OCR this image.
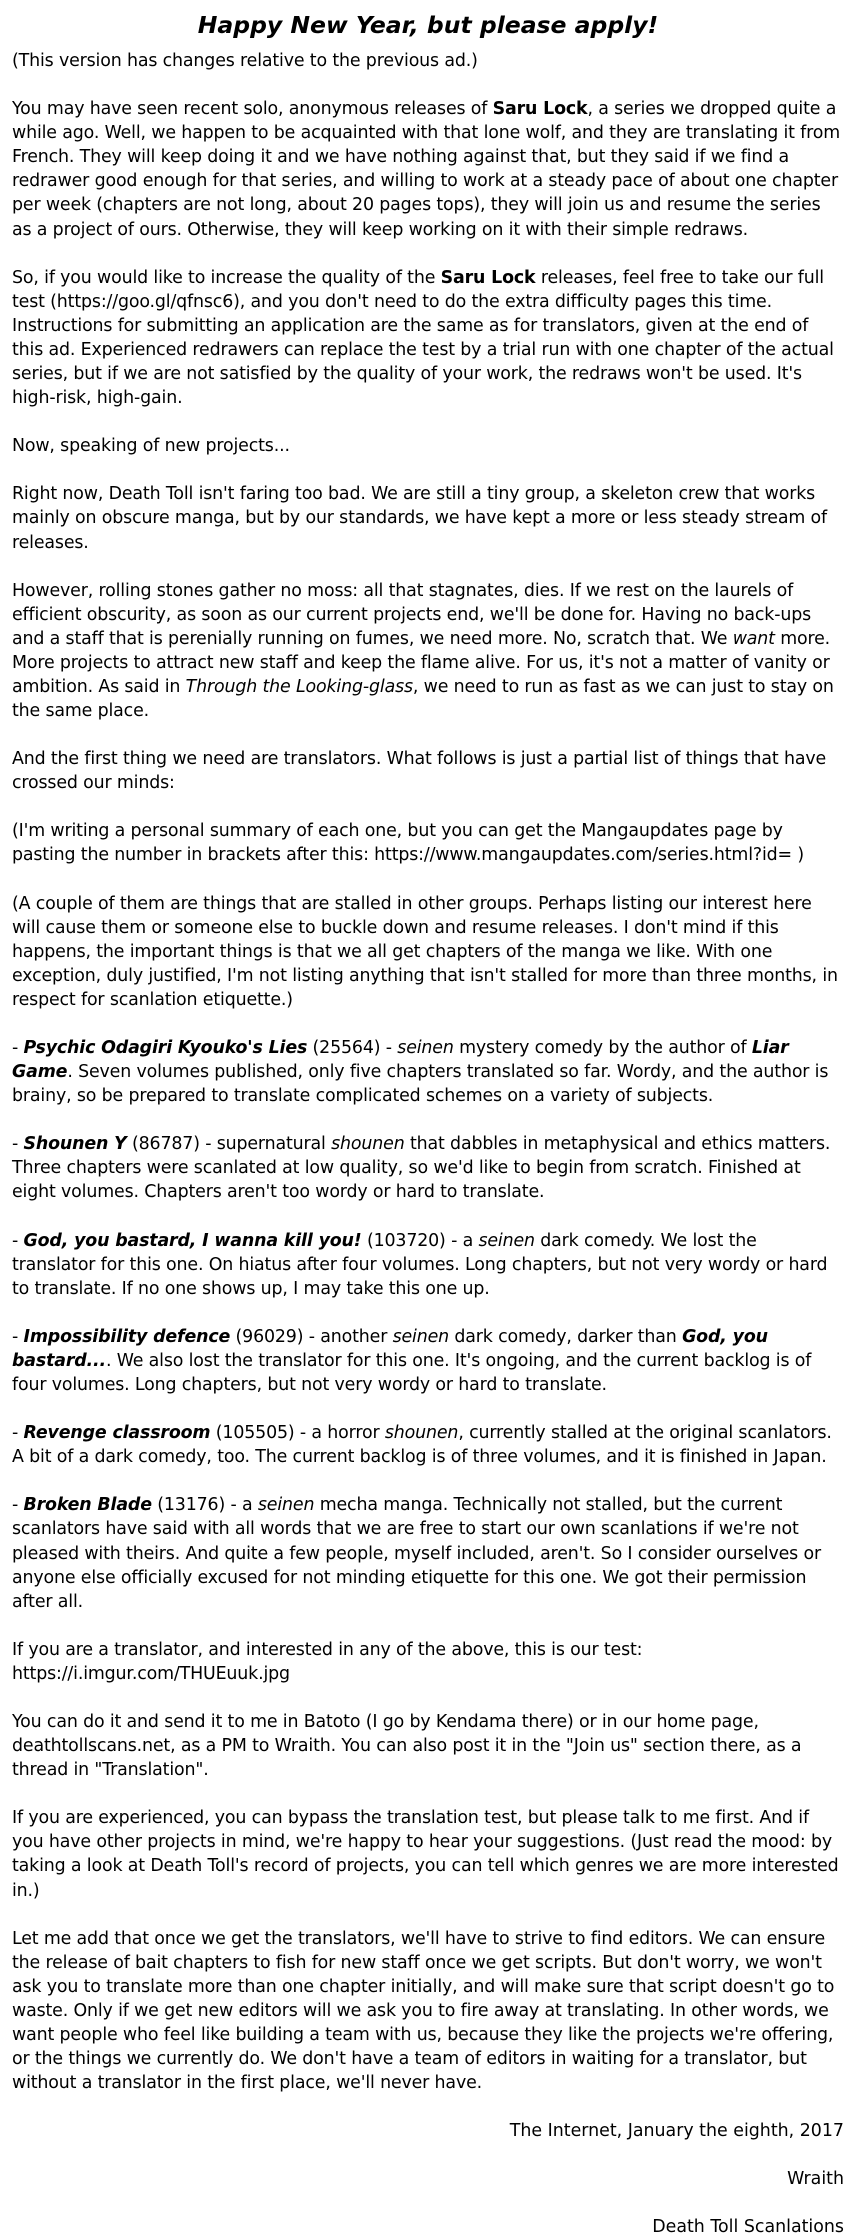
Happy New Year, but please apply!

(This version has changes relative to the previous ad.)

You may have seen recent solo, anonymous releases of Saru Lock, a series we dropped quite a while ago. Well, we happen to be acquainted with that lone wolf, and they are translating it from French. They will keep doing it and we have nothing against that, but they said if we find a redrawer good enough for that series, and willing to work at a steady pace of about one chapter per week (chapters are not long, about 20 pages tops), they will join us and resume the series as a project of ours. Otherwise, they will keep working on it with their simple redraws.

So, if you would like to increase the quality of the Saru Lock releases, feel free to take our full test (https://goo.gl/qfnsc6), and you don't need to do the extra difficulty pages this time. Instructions for submitting an application are the same as for translators, given at the end of this ad. Experienced redrawers can replace the test by a trial run with one chapter of the actual series, but if we are not satisfied by the quality of your work, the redraws won't be used. It's high-risk, high-gain.

Now, speaking of new projects...

Right now, Death Toll isn't faring too bad. We are still a tiny group, a skeleton crew that works mainly on obscure manga, but by our standards, we have kept a more or less steady stream of releases.

However, rolling stones gather no moss: all that stagnates, dies. If we rest on the laurels of efficient obscurity, as soon as our current projects end, we'll be done for. Having no back-ups and a staff that is perenially running on fumes, we need more. No, scratch that. We want more. More projects to attract new staff and keep the flame alive. For us, it's not a matter of vanity or ambition. As said in Through the Looking-glass, we need to run as fast as we can just to stay on the same place.

And the first thing we need are translators. What follows is just a partial list of things that have crossed our minds:

(I'm writing a personal summary of each one, but you can get the Mangaupdates page by pasting the number in brackets after this: https://www.mangaupdates.com/series.html?id= )

(A couple of them are things that are stalled in other groups. Perhaps listing our interest here will cause them or someone else to buckle down and resume releases. I don't mind if this happens, the important things is that we all get chapters of the manga we like. With one exception, duly justified, I'm not listing anything that isn't stalled for more than three months, in respect for scanlation etiquette.)

- Psychic Odagiri Kyouko's Lies (25564) - seinen mystery comedy by the author of Liar Game. Seven volumes published, only five chapters translated so far. Wordy, and the author is brainy, so be prepared to translate complicated schemes on a variety of subjects.

- Shounen Y (86787) - supernatural shounen that dabbles in metaphysical and ethics matters. Three chapters were scanlated at low quality, so we'd like to begin from scratch. Finished at eight volumes. Chapters aren't too wordy or hard to translate.

- God, you bastard, I wanna kill you! (103720) - a seinen dark comedy. We lost the translator for this one. On hiatus after four volumes. Long chapters, but not very wordy or hard to translate. If no one shows up, I may take this one up.

- Impossibility defence (96029) - another seinen dark comedy, darker than God, you bastard.... We also lost the translator for this one. It's ongoing, and the current backlog is of four volumes. Long chapters, but not very wordy or hard to translate.

- Revenge classroom (105505) - a horror shounen, currently stalled at the original scanlators. A bit of a dark comedy, too. The current backlog is of three volumes, and it is finished in Japan.

- Broken Blade (13176) - a seinen mecha manga. Technically not stalled, but the current scanlators have said with all words that we are free to start our own scanlations if we're not pleased with theirs. And quite a few people, myself included, aren't. So I consider ourselves or anyone else officially excused for not minding etiquette for this one. We got their permission after all.

If you are a translator, and interested in any of the above, this is our test: https://i.imgur.com/THUEuuk.jpg

You can do it and send it to me in Batoto (I go by Kendama there) or in our home page, deathtollscans.net, as a PM to Wraith. You can also post it in the "Join us" section there, as a thread in "Translation".

If you are experienced, you can bypass the translation test, but please talk to me first. And if you have other projects in mind, we're happy to hear your suggestions. (Just read the mood: by taking a look at Death Toll's record of projects, you can tell which genres we are more interested in.)

Let me add that once we get the translators, we'll have to strive to find editors. We can ensure the release of bait chapters to fish for new staff once we get scripts. But don't worry, we won't ask you to translate more than one chapter initially, and will make sure that script doesn't go to waste. Only if we get new editors will we ask you to fire away at translating. In other words, we want people who feel like building a team with us, because they like the projects we're offering, or the things we currently do. We don't have a team of editors in waiting for a translator, but without a translator in the first place, we'll never have.

The Internet, January the eighth, 2017
Wraith
Death Toll Scanlations
